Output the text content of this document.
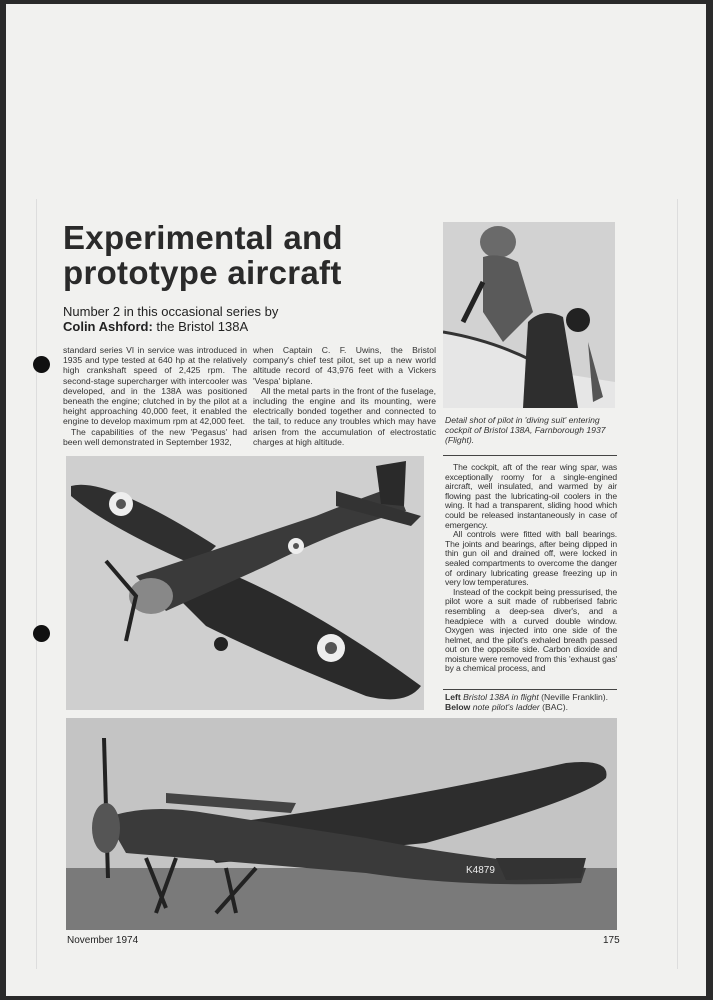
Experimental and
prototype aircraft
Number 2 in this occasional series by
Colin Ashford: the Bristol 138A

standard series VI in service was introduced in 1935 and type tested at 640 hp at the relatively high crankshaft speed of 2,425 rpm. The second-stage supercharger with intercooler was developed, and in the 138A was positioned beneath the engine; clutched in by the pilot at a height approaching 40,000 feet, it enabled the engine to develop maximum rpm at 42,000 feet.

The capabilities of the new 'Pegasus' had been well demonstrated in September 1932,

when Captain C. F. Uwins, the Bristol company's chief test pilot, set up a new world altitude record of 43,976 feet with a Vickers 'Vespa' biplane.

All the metal parts in the front of the fuselage, including the engine and its mounting, were electrically bonded together and connected to the tail, to reduce any troubles which may have arisen from the accumulation of electrostatic charges at high altitude.

Detail shot of pilot in 'diving suit' entering cockpit of Bristol 138A, Farnborough 1937 (Flight).

The cockpit, aft of the rear wing spar, was exceptionally roomy for a single-engined aircraft, well insulated, and warmed by air flowing past the lubricating-oil coolers in the wing. It had a transparent, sliding hood which could be released instantaneously in case of emergency.

All controls were fitted with ball bearings. The joints and bearings, after being dipped in thin gun oil and drained off, were locked in sealed compartments to overcome the danger of ordinary lubricating grease freezing up in very low temperatures.

Instead of the cockpit being pressurised, the pilot wore a suit made of rubberised fabric resembling a deep-sea diver's, and a headpiece with a curved double window. Oxygen was injected into one side of the helmet, and the pilot's exhaled breath passed out on the opposite side. Carbon dioxide and moisture were removed from this 'exhaust gas' by a chemical process, and

Left Bristol 138A in flight (Neville Franklin).
Below note pilot's ladder (BAC).
K4879
November 1974	175
